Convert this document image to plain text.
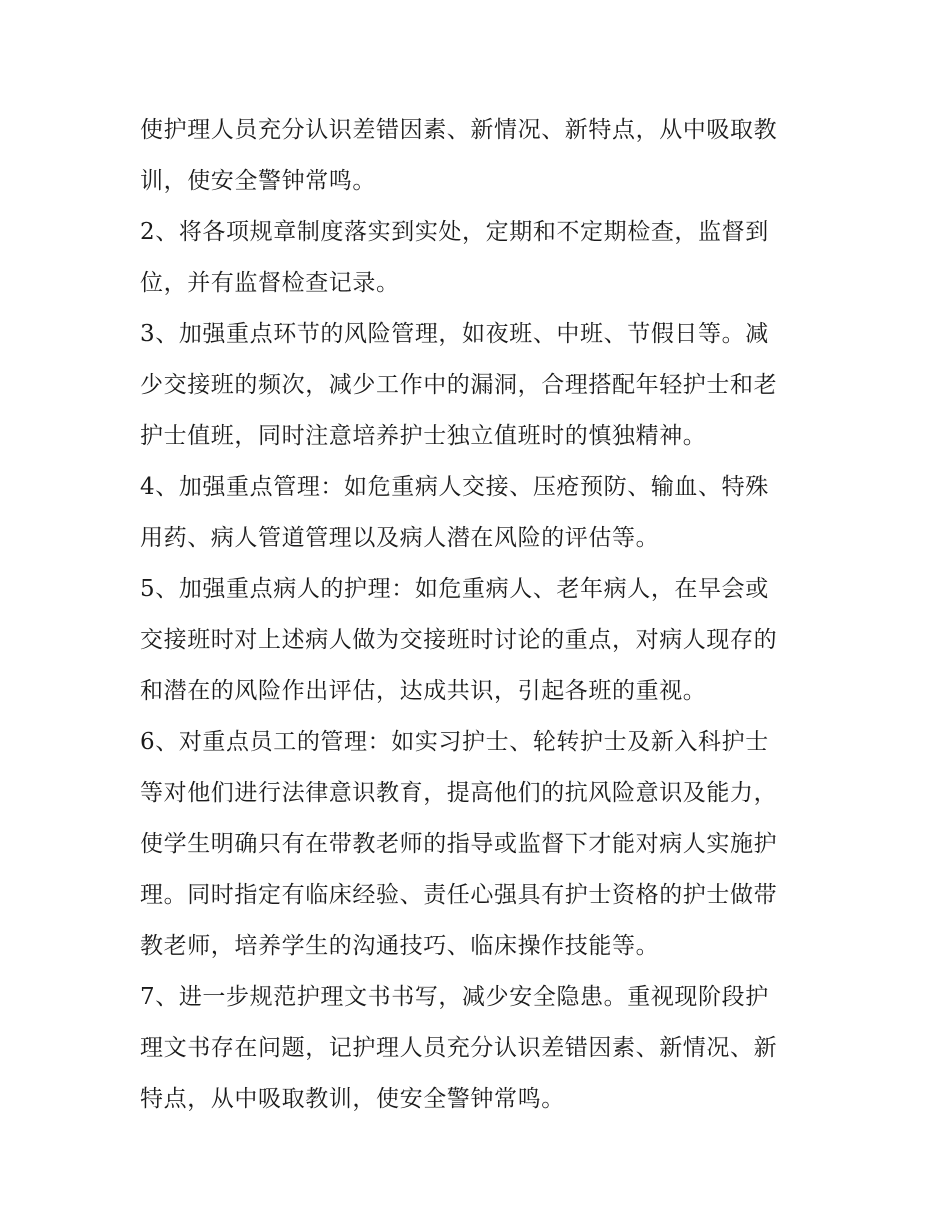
使护理人员充分认识差错因素、新情况、新特点，从中吸取教
训，使安全警钟常鸣。
2、将各项规章制度落实到实处，定期和不定期检查，监督到
位，并有监督检查记录。
3、加强重点环节的风险管理，如夜班、中班、节假日等。减
少交接班的频次，减少工作中的漏洞，合理搭配年轻护士和老
护士值班，同时注意培养护士独立值班时的慎独精神。
4、加强重点管理：如危重病人交接、压疮预防、输血、特殊
用药、病人管道管理以及病人潜在风险的评估等。
5、加强重点病人的护理：如危重病人、老年病人，在早会或
交接班时对上述病人做为交接班时讨论的重点，对病人现存的
和潜在的风险作出评估，达成共识，引起各班的重视。
6、对重点员工的管理：如实习护士、轮转护士及新入科护士
等对他们进行法律意识教育，提高他们的抗风险意识及能力，
使学生明确只有在带教老师的指导或监督下才能对病人实施护
理。同时指定有临床经验、责任心强具有护士资格的护士做带
教老师，培养学生的沟通技巧、临床操作技能等。
7、进一步规范护理文书书写，减少安全隐患。重视现阶段护
理文书存在问题，记护理人员充分认识差错因素、新情况、新
特点，从中吸取教训，使安全警钟常鸣。
